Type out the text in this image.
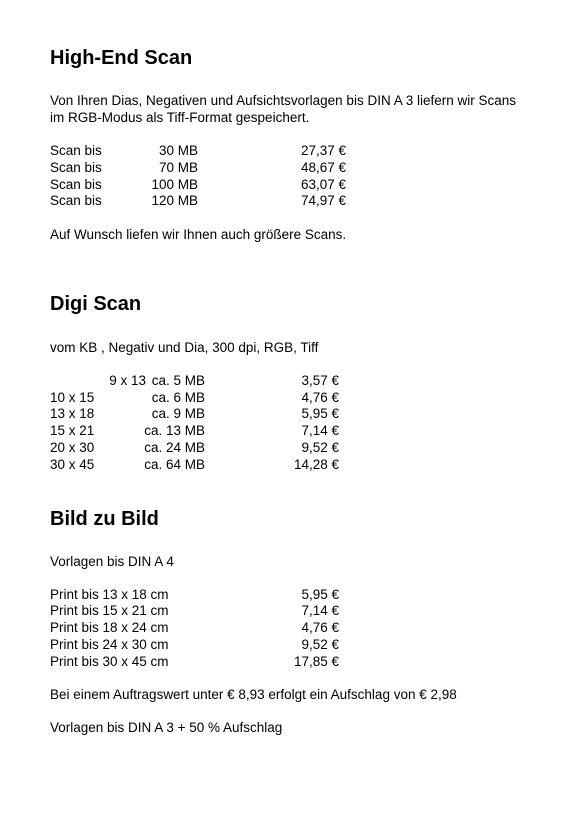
High-End Scan

Von Ihren Dias, Negativen und Aufsichtsvorlagen bis DIN A 3 liefern wir Scans

im RGB-Modus als Tiff-Format gespeichert.

Scan bis	30 MB	27,37 €
Scan bis	70 MB	48,67 €
Scan bis	100 MB	63,07 €
Scan bis	120 MB	74,97 €

Auf Wunsch liefen wir Ihnen auch größere Scans.

Digi Scan

vom KB , Negativ und Dia, 300 dpi, RGB, Tiff

9 x 13 ca. 5 MB	3,57 €
10 x 15	ca. 6 MB	4,76 €
13 x 18	ca. 9 MB	5,95 €
15 x 21	ca. 13 MB	7,14 €
20 x 30	ca. 24 MB	9,52 €
30 x 45	ca. 64 MB	14,28 €
Bild zu Bild

Vorlagen bis DIN A 4

Print bis 13 x 18 cm	5,95 €
Print bis 15 x 21 cm	7,14 €
Print bis 18 x 24 cm	4,76 €
Print bis 24 x 30 cm	9,52 €
Print bis 30 x 45 cm	17,85 €

Bei einem Auftragswert unter € 8,93 erfolgt ein Aufschlag von € 2,98

Vorlagen bis DIN A 3 + 50 % Aufschlag
